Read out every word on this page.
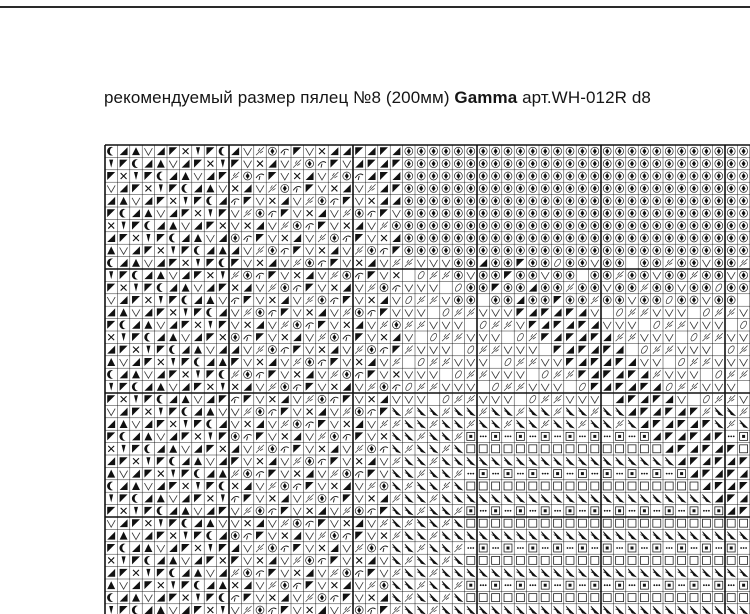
рекомендуемый размер пялец №8 (200мм) Gamma арт.WH-012R d8
